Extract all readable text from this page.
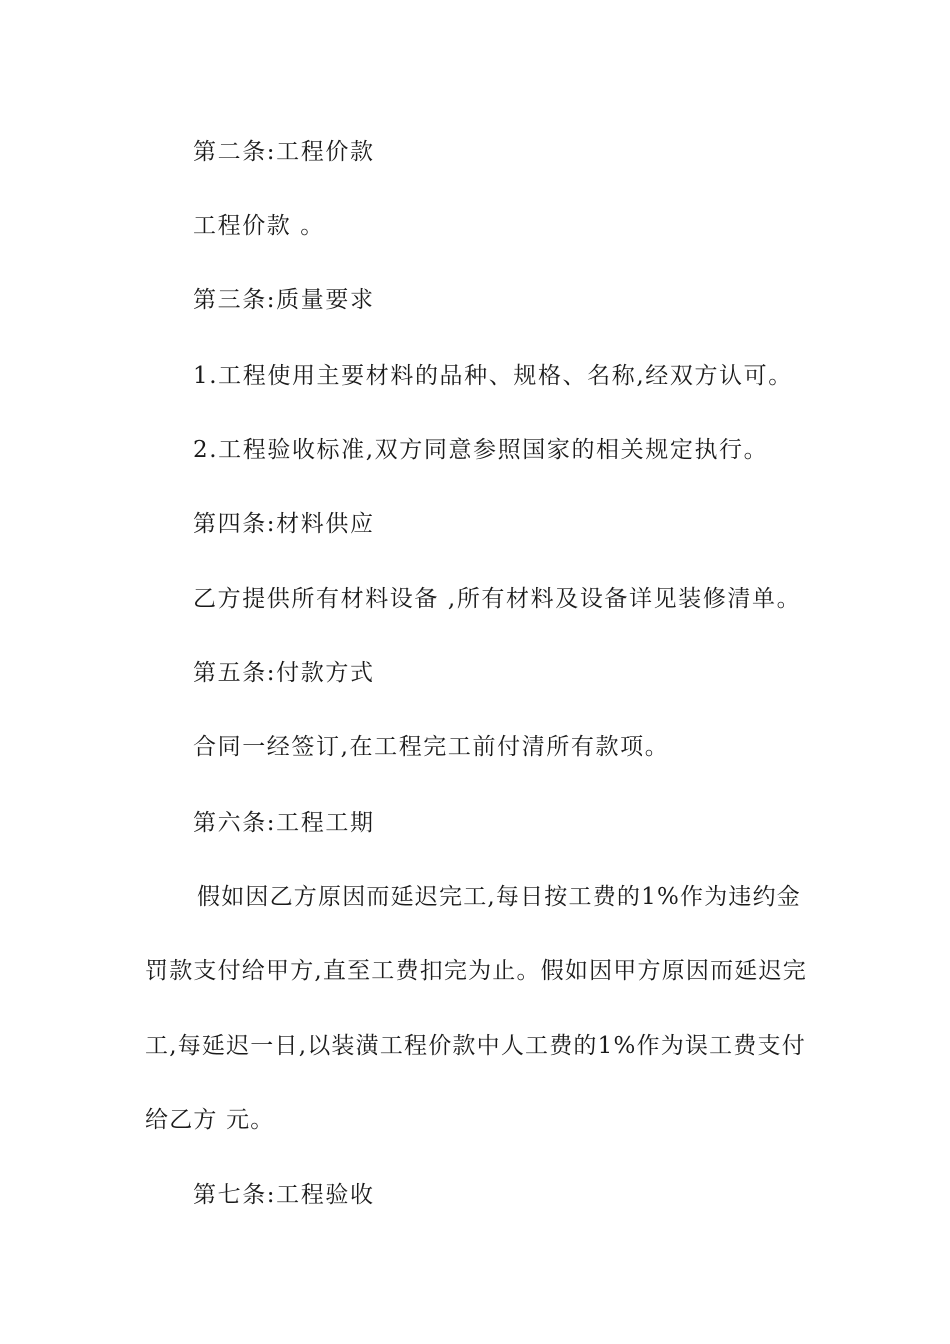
第二条:工程价款
工程价款 。
第三条:质量要求
1.工程使用主要材料的品种、规格、名称,经双方认可。
2.工程验收标准,双方同意参照国家的相关规定执行。
第四条:材料供应
乙方提供所有材料设备 ,所有材料及设备详见装修清单。
第五条:付款方式
合同一经签订,在工程完工前付清所有款项。
第六条:工程工期
假如因乙方原因而延迟完工,每日按工费的1%作为违约金
罚款支付给甲方,直至工费扣完为止。假如因甲方原因而延迟完
工,每延迟一日,以装潢工程价款中人工费的1%作为误工费支付
给乙方 元。
第七条:工程验收
